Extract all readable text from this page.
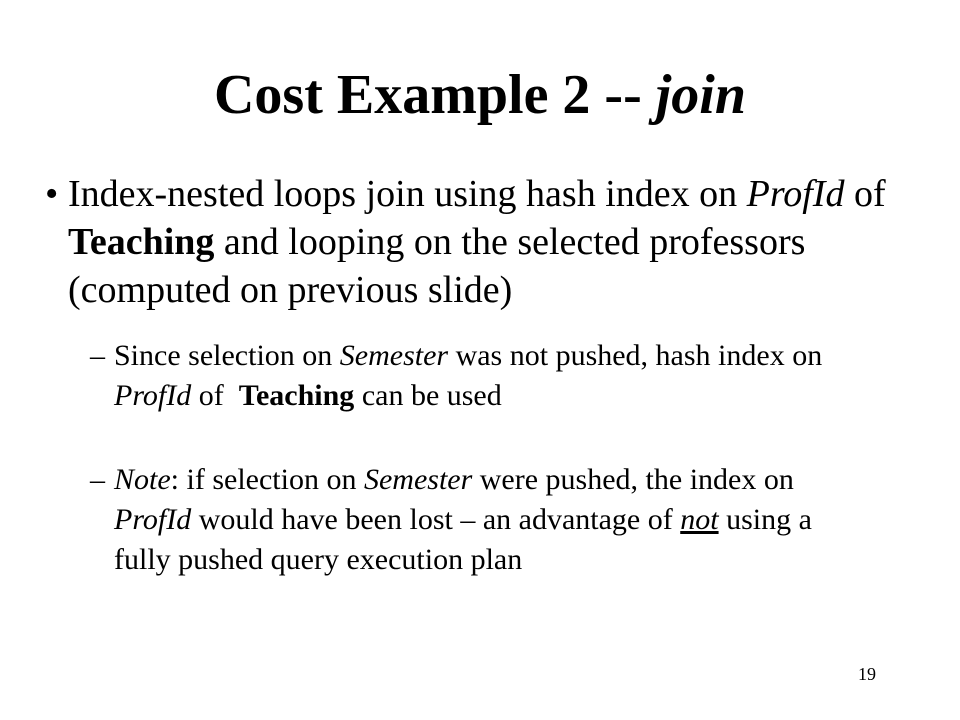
Cost Example 2 -- join
• Index-nested loops join using hash index on ProfId of Teaching and looping on the selected professors (computed on previous slide)
– Since selection on Semester was not pushed, hash index on ProfId of  Teaching can be used
– Note: if selection on Semester were pushed, the index on ProfId would have been lost – an advantage of not using a fully pushed query execution plan
19
